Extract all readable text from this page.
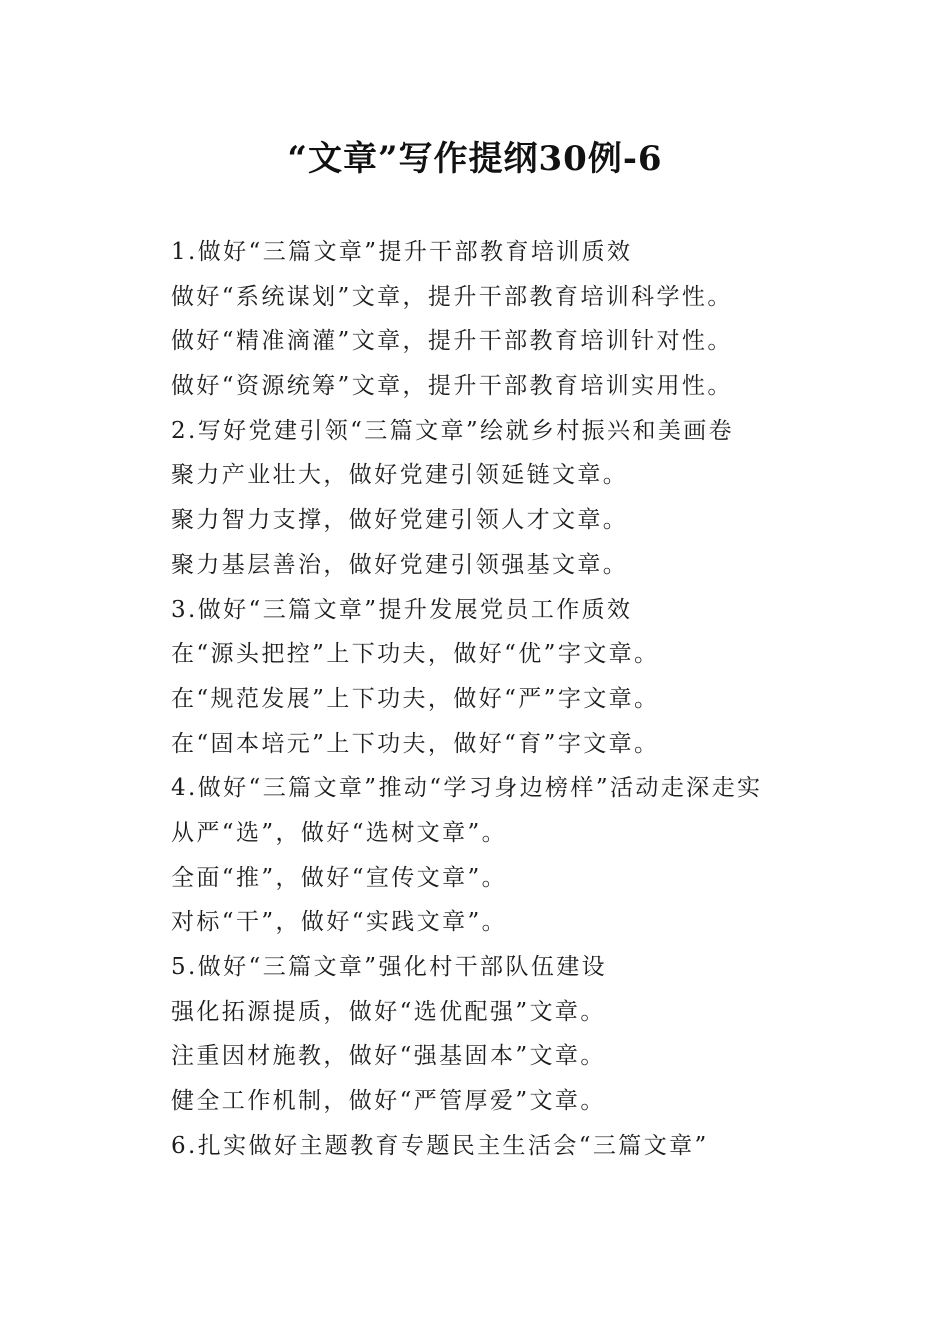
“文章”写作提纲30例-6
1.做好“三篇文章”提升干部教育培训质效
做好“系统谋划”文章，提升干部教育培训科学性。
做好“精准滴灌”文章，提升干部教育培训针对性。
做好“资源统筹”文章，提升干部教育培训实用性。
2.写好党建引领“三篇文章”绘就乡村振兴和美画卷
聚力产业壮大，做好党建引领延链文章。
聚力智力支撑，做好党建引领人才文章。
聚力基层善治，做好党建引领强基文章。
3.做好“三篇文章”提升发展党员工作质效
在“源头把控”上下功夫，做好“优”字文章。
在“规范发展”上下功夫，做好“严”字文章。
在“固本培元”上下功夫，做好“育”字文章。
4.做好“三篇文章”推动“学习身边榜样”活动走深走实
从严“选”，做好“选树文章”。
全面“推”，做好“宣传文章”。
对标“干”，做好“实践文章”。
5.做好“三篇文章”强化村干部队伍建设
强化拓源提质，做好“选优配强”文章。
注重因材施教，做好“强基固本”文章。
健全工作机制，做好“严管厚爱”文章。
6.扎实做好主题教育专题民主生活会“三篇文章”
